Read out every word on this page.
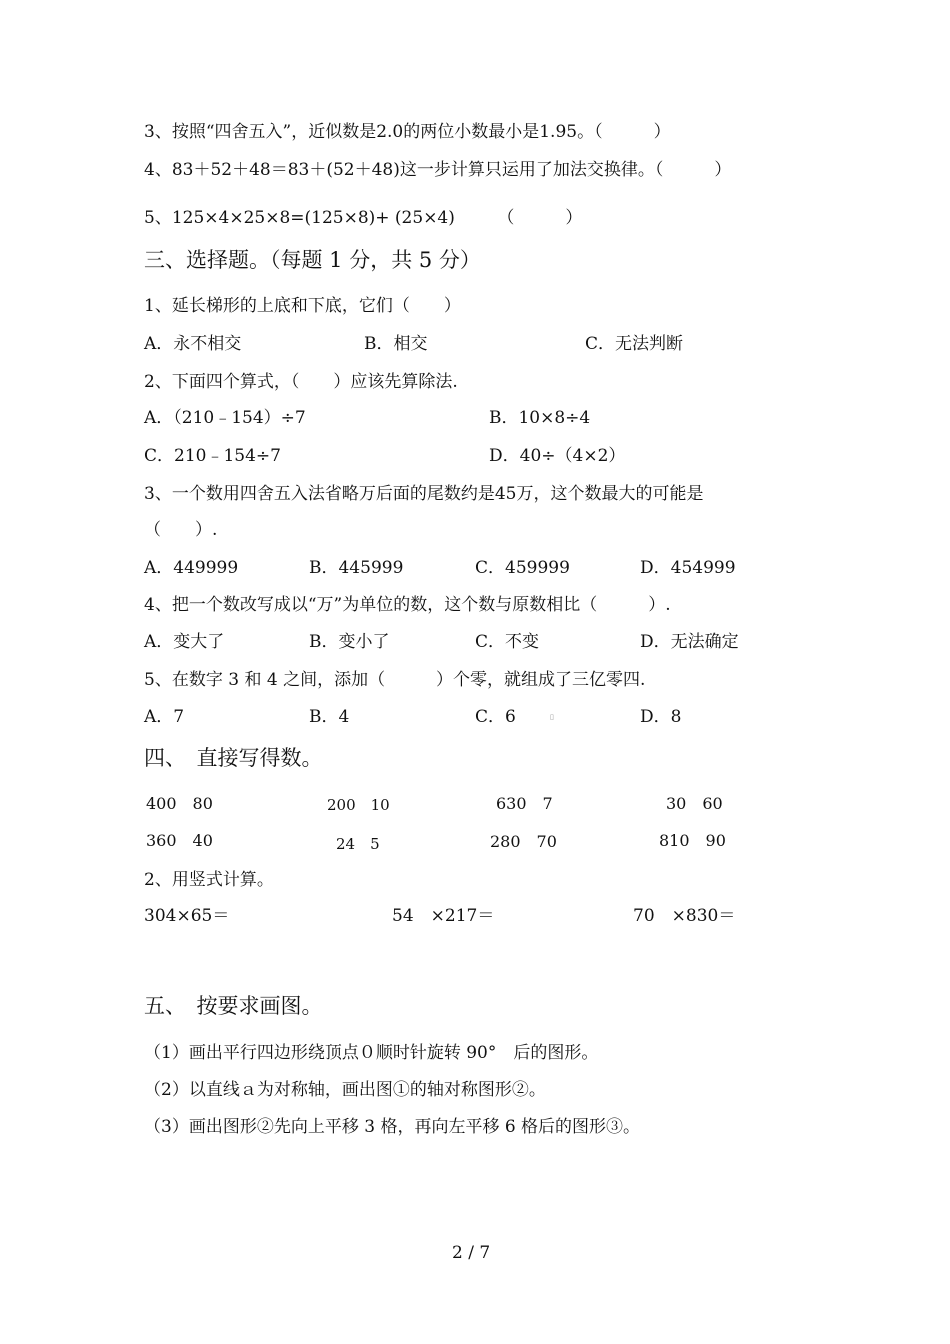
3、按照“四舍五入”，近似数是2.0的两位小数最小是1.95。（　　　）
4、83＋52＋48＝83＋(52＋48)这一步计算只运用了加法交换律。（　　　）
5、125×4×25×8=(125×8)+ (25×4)　　　（　　　）
三、选择题。（每题 1 分，共 5 分）
1、延长梯形的上底和下底，它们（　　）
A．永不相交	B．相交	C．无法判断
2、下面四个算式，（　　）应该先算除法.
A．（210﹣154）÷7	B．10×8÷4
C．210﹣154÷7	D．40÷（4×2）
3、一个数用四舍五入法省略万后面的尾数约是45万，这个数最大的可能是
（　　）.
A．449999	B．445999	C．459999	D．454999
4、把一个数改写成以“万”为单位的数，这个数与原数相比（　　　）.
A．变大了	B．变小了	C．不变	D．无法确定
5、在数字 3 和 4 之间，添加（　　　）个零，就组成了三亿零四.
A．7	B．4	C．6	▯	D．8
四、　直接写得数。
400　80	200　10	630　7	30　60
360　40	24　5	280　70	810　90
2、用竖式计算。
304×65＝	54　×217＝	70　×830＝
五、　按要求画图。
（1）画出平行四边形绕顶点０顺时针旋转 90°　后的图形。
（2）以直线ａ为对称轴，画出图①的轴对称图形②。
（3）画出图形②先向上平移 3 格，再向左平移 6 格后的图形③。
2 / 7
